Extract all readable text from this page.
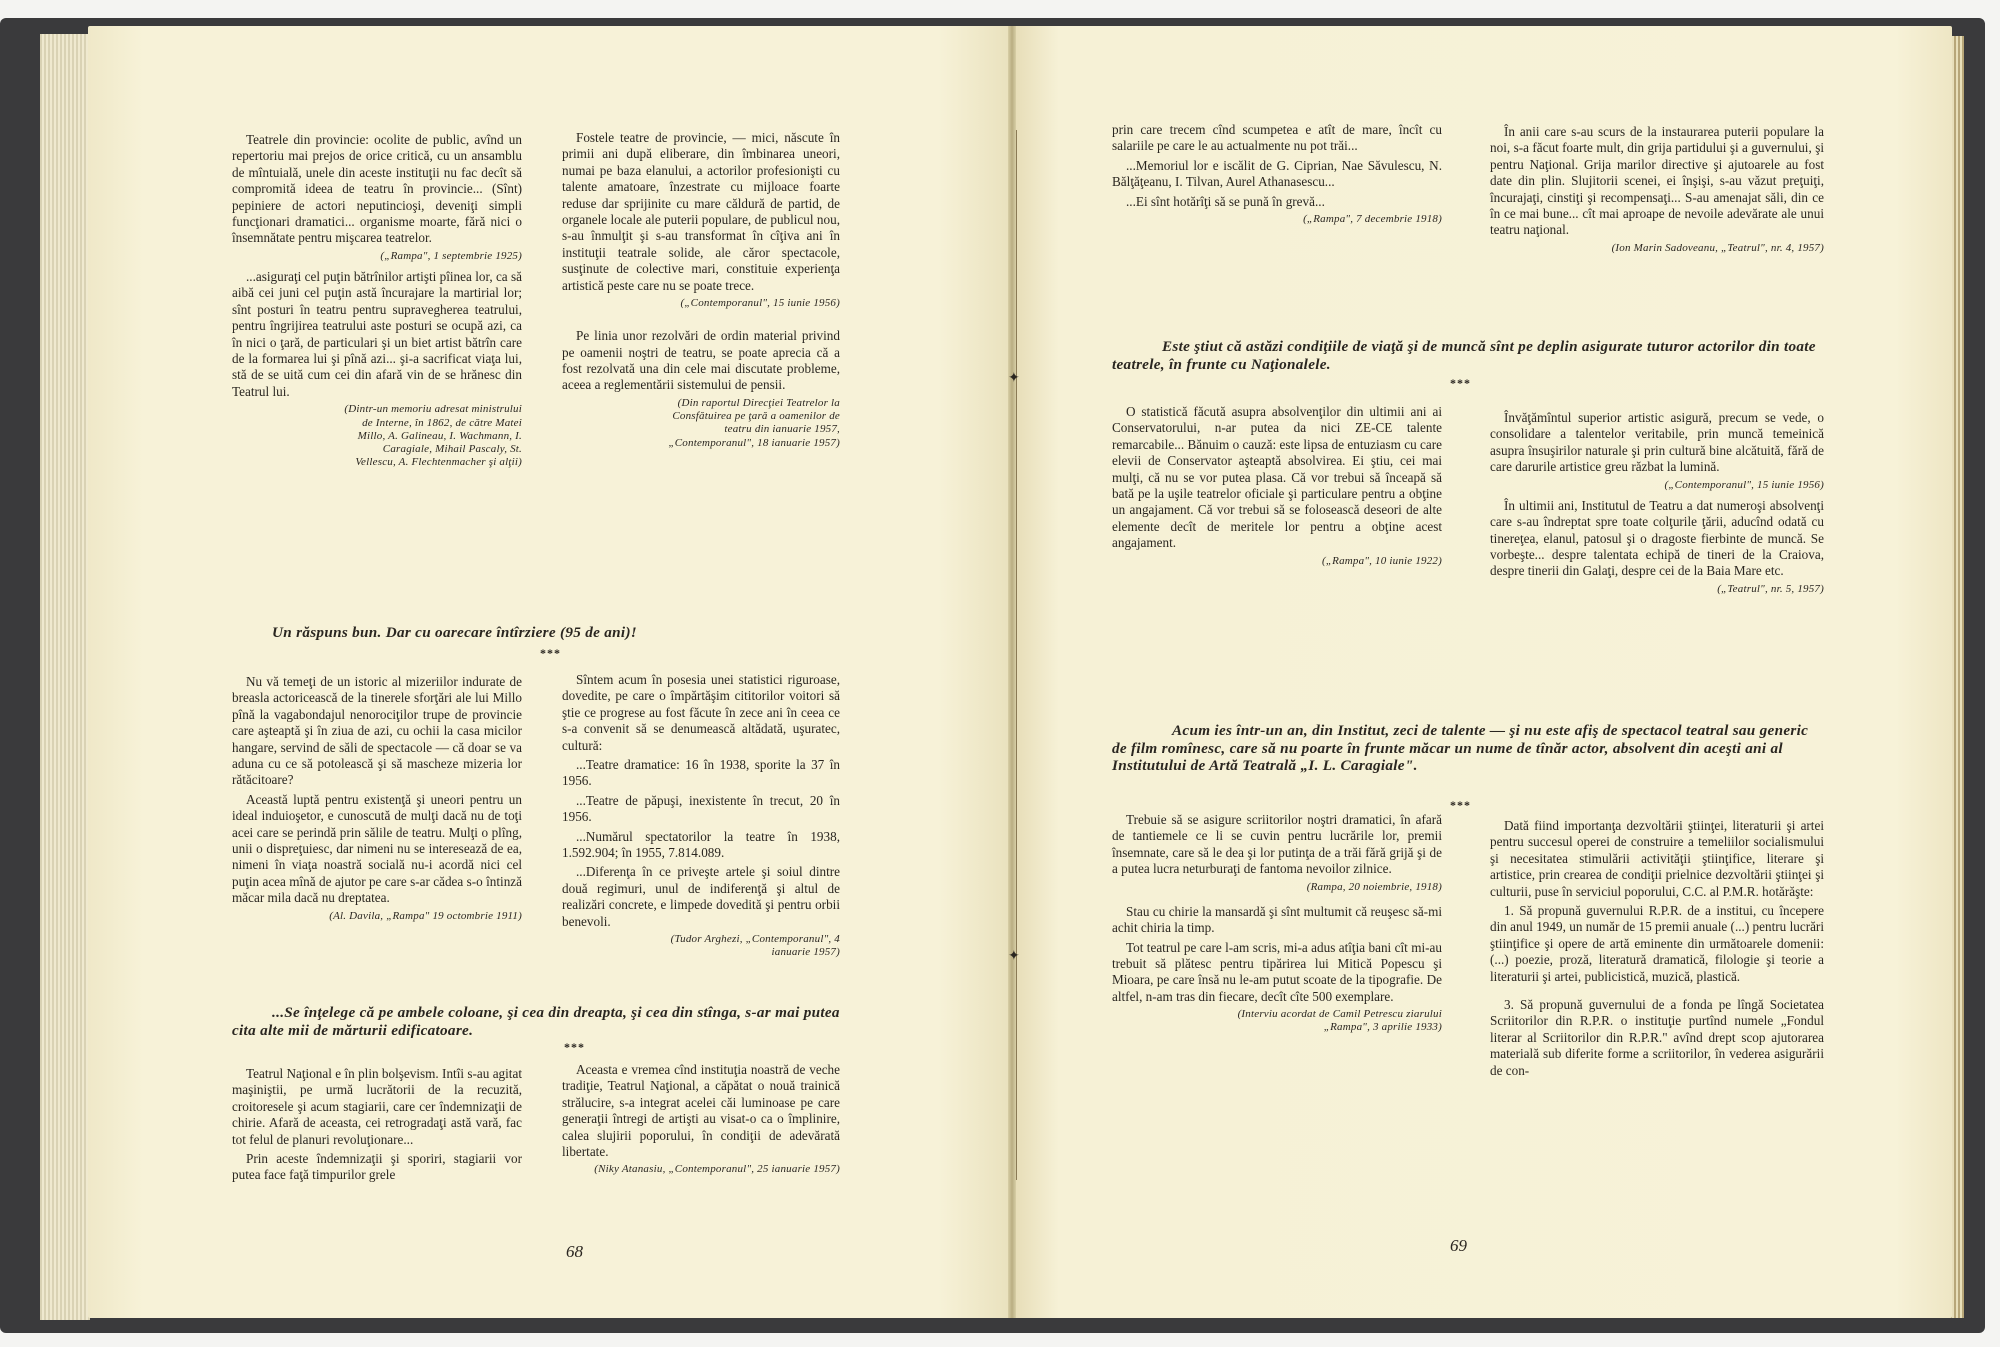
Teatrele din provincie: ocolite de public, avînd un repertoriu mai prejos de orice critică, cu un ansamblu de mîntuială, unele din aceste instituţii nu fac decît să compromită ideea de teatru în provincie... (Sînt) pepiniere de actori neputincioşi, deveniţi simpli funcţionari dramatici... organisme moarte, fără nici o însemnătate pentru mişcarea teatrelor.

(„Rampa", 1 septembrie 1925)

...asiguraţi cel puţin bătrînilor artişti pîinea lor, ca să aibă cei juni cel puţin astă încurajare la martirial lor; sînt posturi în teatru pentru supravegherea teatrului, pentru îngrijirea teatrului aste posturi se ocupă azi, ca în nici o ţară, de particulari şi un biet artist bătrîn care de la formarea lui şi pînă azi... şi-a sacrificat viaţa lui, stă de se uită cum cei din afară vin de se hrănesc din Teatrul lui.

(Dintr-un memoriu adresat ministrului de Interne, în 1862, de către Matei Millo, A. Galineau, I. Wachmann, I. Caragiale, Mihail Pascaly, St. Vellescu, A. Flechtenmacher şi alţii)

Fostele teatre de provincie, — mici, născute în primii ani după eliberare, din îmbinarea uneori, numai pe baza elanului, a actorilor profesionişti cu talente amatoare, înzestrate cu mijloace foarte reduse dar sprijinite cu mare căldură de partid, de organele locale ale puterii populare, de publicul nou, s-au înmulţit şi s-au transformat în cîţiva ani în instituţii teatrale solide, ale căror spectacole, susţinute de colective mari, constituie experienţa artistică peste care nu se poate trece.

(„Contemporanul", 15 iunie 1956)

Pe linia unor rezolvări de ordin material privind pe oamenii noştri de teatru, se poate aprecia că a fost rezolvată una din cele mai discutate probleme, aceea a reglementării sistemului de pensii.

(Din raportul Direcţiei Teatrelor la Consfătuirea pe ţară a oamenilor de teatru din ianuarie 1957, „Contemporanul", 18 ianuarie 1957)
Un răspuns bun. Dar cu oarecare întîrziere (95 de ani)!
***

Nu vă temeţi de un istoric al mizeriilor indurate de breasla actoricească de la tinerele sforţări ale lui Millo pînă la vagabondajul nenorociţilor trupe de provincie care aşteaptă şi în ziua de azi, cu ochii la casa micilor hangare, servind de săli de spectacole — că doar se va aduna cu ce să potolească şi să mascheze mizeria lor rătăcitoare?

Această luptă pentru existenţă şi uneori pentru un ideal induioşetor, e cunoscută de mulţi dacă nu de toţi acei care se perindă prin sălile de teatru. Mulţi o plîng, unii o dispreţuiesc, dar nimeni nu se interesează de ea, nimeni în viaţa noastră socială nu-i acordă nici cel puţin acea mînă de ajutor pe care s-ar cădea s-o întinză măcar mila dacă nu dreptatea.

(Al. Davila, „Rampa" 19 octombrie 1911)

Sîntem acum în posesia unei statistici riguroase, dovedite, pe care o împărtăşim cititorilor voitori să ştie ce progrese au fost făcute în zece ani în ceea ce s-a convenit să se denumească altădată, uşuratec, cultură:

...Teatre dramatice: 16 în 1938, sporite la 37 în 1956.

...Teatre de păpuşi, inexistente în trecut, 20 în 1956.

...Numărul spectatorilor la teatre în 1938, 1.592.904; în 1955, 7.814.089.

...Diferenţa în ce priveşte artele şi soiul dintre două regimuri, unul de indiferenţă şi altul de realizări concrete, e limpede dovedită şi pentru orbii benevoli.

(Tudor Arghezi, „Contemporanul", 4 ianuarie 1957)
...Se înţelege că pe ambele coloane, şi cea din dreapta, şi cea din stînga, s-ar mai putea cita alte mii de mărturii edificatoare.
***

Teatrul Naţional e în plin bolşevism. Intîi s-au agitat maşiniştii, pe urmă lucrătorii de la recuzită, croitoresele şi acum stagiarii, care cer îndemnizaţii de chirie. Afară de aceasta, cei retrogradaţi astă vară, fac tot felul de planuri revoluţionare...

Prin aceste îndemnizaţii şi sporiri, stagiarii vor putea face faţă timpurilor grele

Aceasta e vremea cînd instituţia noastră de veche tradiţie, Teatrul Naţional, a căpătat o nouă trainică strălucire, s-a integrat acelei căi luminoase pe care generaţii întregi de artişti au visat-o ca o împlinire, calea slujirii poporului, în condiţii de adevărată libertate.

(Niky Atanasiu, „Contemporanul", 25 ianuarie 1957)
68

prin care trecem cînd scumpetea e atît de mare, încît cu salariile pe care le au actualmente nu pot trăi...

...Memoriul lor e iscălit de G. Ciprian, Nae Săvulescu, N. Bălţăţeanu, I. Tilvan, Aurel Athanasescu...

...Ei sînt hotărîţi să se pună în grevă...

(„Rampa", 7 decembrie 1918)

În anii care s-au scurs de la instaurarea puterii populare la noi, s-a făcut foarte mult, din grija partidului şi a guvernului, şi pentru Naţional. Grija marilor directive şi ajutoarele au fost date din plin. Slujitorii scenei, ei înşişi, s-au văzut preţuiţi, încurajaţi, cinstiţi şi recompensaţi... S-au amenajat săli, din ce în ce mai bune... cît mai aproape de nevoile adevărate ale unui teatru naţional.

(Ion Marin Sadoveanu, „Teatrul", nr. 4, 1957)
Este ştiut că astăzi condiţiile de viaţă şi de muncă sînt pe deplin asigurate tuturor actorilor din toate teatrele, în frunte cu Naţionalele.
***

O statistică făcută asupra absolvenţilor din ultimii ani ai Conservatorului, n-ar putea da nici ZE-CE talente remarcabile... Bănuim o cauză: este lipsa de entuziasm cu care elevii de Conservator aşteaptă absolvirea. Ei ştiu, cei mai mulţi, că nu se vor putea plasa. Că vor trebui să înceapă să bată pe la uşile teatrelor oficiale şi particulare pentru a obţine un angajament. Că vor trebui să se folosească deseori de alte elemente decît de meritele lor pentru a obţine acest angajament.

(„Rampa", 10 iunie 1922)

Învăţămîntul superior artistic asigură, precum se vede, o consolidare a talentelor veritabile, prin muncă temeinică asupra însuşirilor naturale şi prin cultură bine alcătuită, fără de care darurile artistice greu răzbat la lumină.

(„Contemporanul", 15 iunie 1956)

În ultimii ani, Institutul de Teatru a dat numeroşi absolvenţi care s-au îndreptat spre toate colţurile ţării, aducînd odată cu tinereţea, elanul, patosul şi o dragoste fierbinte de muncă. Se vorbeşte... despre talentata echipă de tineri de la Craiova, despre tinerii din Galaţi, despre cei de la Baia Mare etc.

(„Teatrul", nr. 5, 1957)
Acum ies într-un an, din Institut, zeci de talente — şi nu este afiş de spectacol teatral sau generic de film romînesc, care să nu poarte în frunte măcar un nume de tînăr actor, absolvent din aceşti ani al Institutului de Artă Teatrală „I. L. Caragiale".
***

Trebuie să se asigure scriitorilor noştri dramatici, în afară de tantiemele ce li se cuvin pentru lucrările lor, premii însemnate, care să le dea şi lor putinţa de a trăi fără grijă şi de a putea lucra neturburaţi de fantoma nevoilor zilnice.

(Rampa, 20 noiembrie, 1918)

Stau cu chirie la mansardă şi sînt multumit că reuşesc să-mi achit chiria la timp.

Tot teatrul pe care l-am scris, mi-a adus atîţia bani cît mi-au trebuit să plătesc pentru tipărirea lui Mitică Popescu şi Mioara, pe care însă nu le-am putut scoate de la tipografie. De altfel, n-am tras din fiecare, decît cîte 500 exemplare.

(Interviu acordat de Camil Petrescu ziarului „Rampa", 3 aprilie 1933)

Dată fiind importanţa dezvoltării ştiinţei, literaturii şi artei pentru succesul operei de construire a temeliilor socialismului şi necesitatea stimulării activităţii ştiinţifice, literare şi artistice, prin crearea de condiţii prielnice dezvoltării ştiinţei şi culturii, puse în serviciul poporului, C.C. al P.M.R. hotărăşte:

1. Să propună guvernului R.P.R. de a institui, cu începere din anul 1949, un număr de 15 premii anuale (...) pentru lucrări ştiinţifice şi opere de artă eminente din următoarele domenii: (...) poezie, proză, literatură dramatică, filologie şi teorie a literaturii şi artei, publicistică, muzică, plastică.

3. Să propună guvernului de a fonda pe lîngă Societatea Scriitorilor din R.P.R. o instituţie purtînd numele „Fondul literar al Scriitorilor din R.P.R." avînd drept scop ajutorarea materială sub diferite forme a scriitorilor, în vederea asigurării de con-

69
✦
✦
